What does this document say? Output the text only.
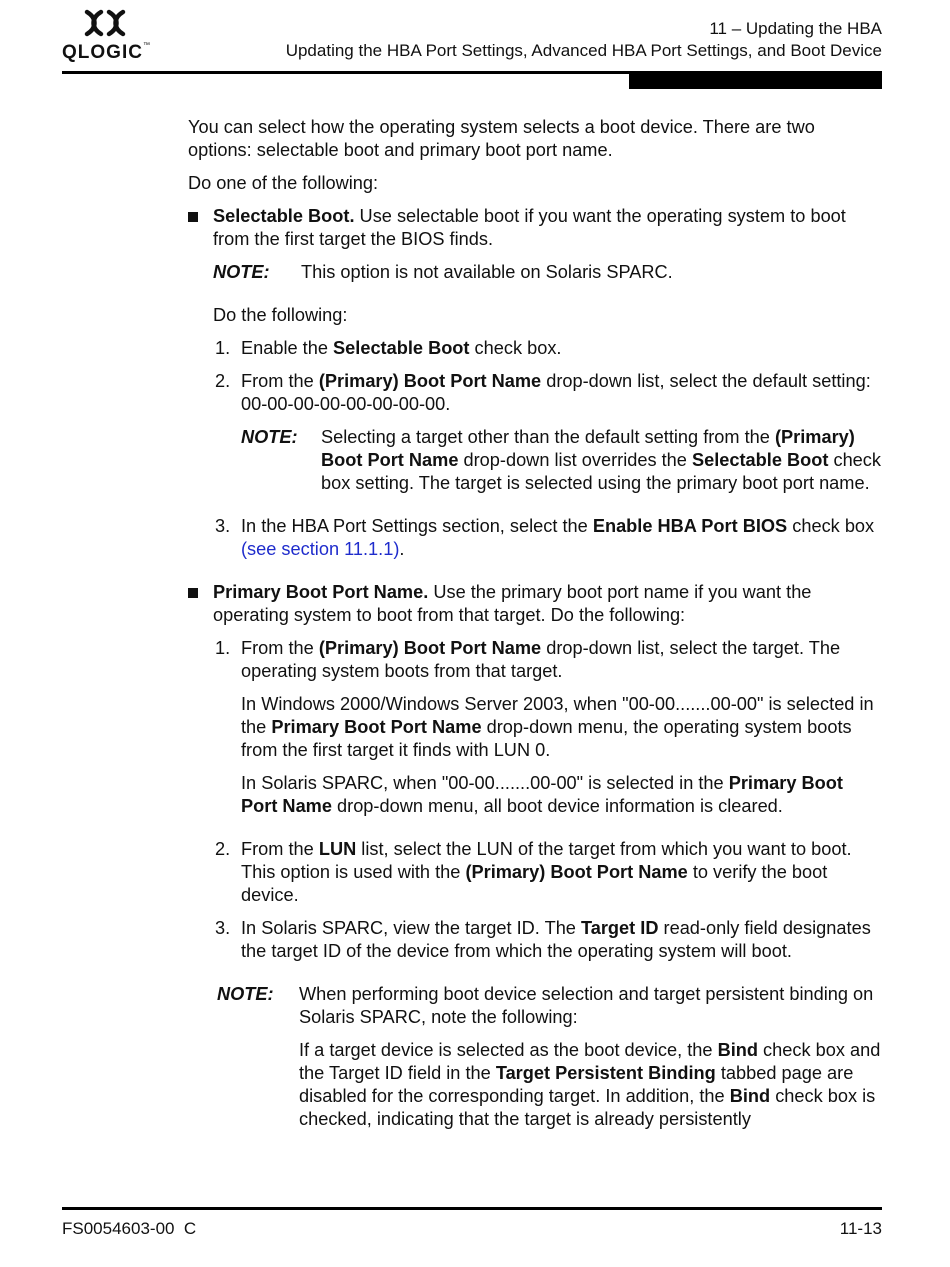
QLOGIC™
11 – Updating the HBA
Updating the HBA Port Settings, Advanced HBA Port Settings, and Boot Device

You can select how the operating system selects a boot device. There are two options: selectable boot and primary boot port name.

Do one of the following:

Selectable Boot. Use selectable boot if you want the operating system to boot from the first target the BIOS finds.

NOTE:	This option is not available on Solaris SPARC.

Do the following:

1. Enable the Selectable Boot check box.

2. From the (Primary) Boot Port Name drop-down list, select the default setting: 00-00-00-00-00-00-00-00.

NOTE:	Selecting a target other than the default setting from the (Primary) Boot Port Name drop-down list overrides the Selectable Boot check box setting. The target is selected using the primary boot port name.
3. In the HBA Port Settings section, select the Enable HBA Port BIOS check box (see section 11.1.1).

Primary Boot Port Name. Use the primary boot port name if you want the operating system to boot from that target. Do the following:

1. From the (Primary) Boot Port Name drop-down list, select the target. The operating system boots from that target.

In Windows 2000/Windows Server 2003, when "00-00.......00-00" is selected in the Primary Boot Port Name drop-down menu, the operating system boots from the first target it finds with LUN 0.

In Solaris SPARC, when "00-00.......00-00" is selected in the Primary Boot Port Name drop-down menu, all boot device information is cleared.

2. From the LUN list, select the LUN of the target from which you want to boot. This option is used with the (Primary) Boot Port Name to verify the boot device.

3. In Solaris SPARC, view the target ID. The Target ID read-only field designates the target ID of the device from which the operating system will boot.

NOTE:	When performing boot device selection and target persistent binding on Solaris SPARC, note the following:

If a target device is selected as the boot device, the Bind check box and the Target ID field in the Target Persistent Binding tabbed page are disabled for the corresponding target. In addition, the Bind check box is checked, indicating that the target is already persistently

FS0054603-00  C	11-13
